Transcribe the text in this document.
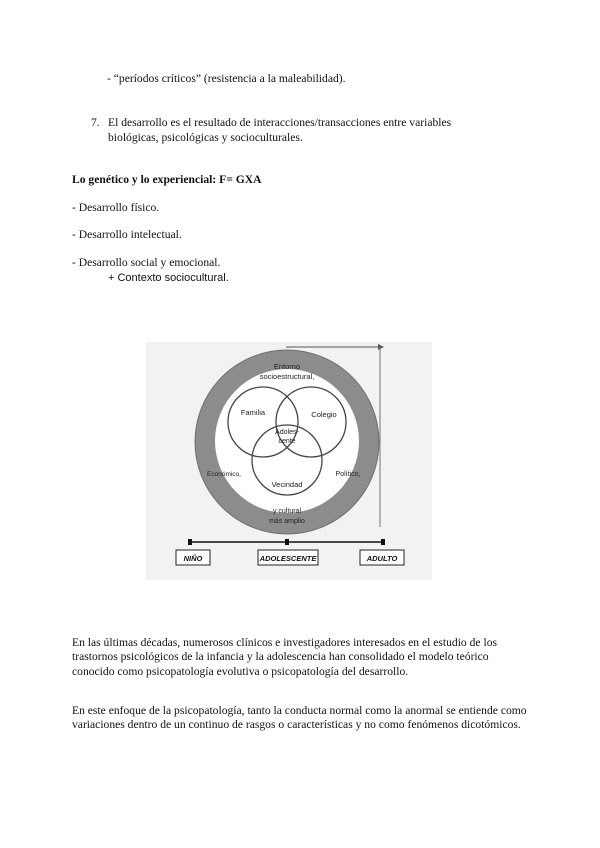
- “períodos críticos” (resistencia a la maleabilidad).
7. El desarrollo es el resultado de interacciones/transacciones entre variables
biológicas, psicológicas y socioculturales.
Lo genético y lo experiencial: F= GXA
- Desarrollo físico.
- Desarrollo intelectual.
- Desarrollo social y emocional.
+ Contexto sociocultural.
Entorno
socioestructural,
Económico,	Político,
y cultural
más amplio
Familia	Colegio
Adoles-
cente
Vecindad
NIÑO	ADOLESCENTE	ADULTO
En las últimas décadas, numerosos clínicos e investigadores interesados en el estudio de los trastornos psicológicos de la infancia y la adolescencia han consolidado el modelo teórico conocido como psicopatología evolutiva o psicopatología del desarrollo.
En este enfoque de la psicopatología, tanto la conducta normal como la anormal se entiende como variaciones dentro de un continuo de rasgos o características y no como fenómenos dicotómicos.
